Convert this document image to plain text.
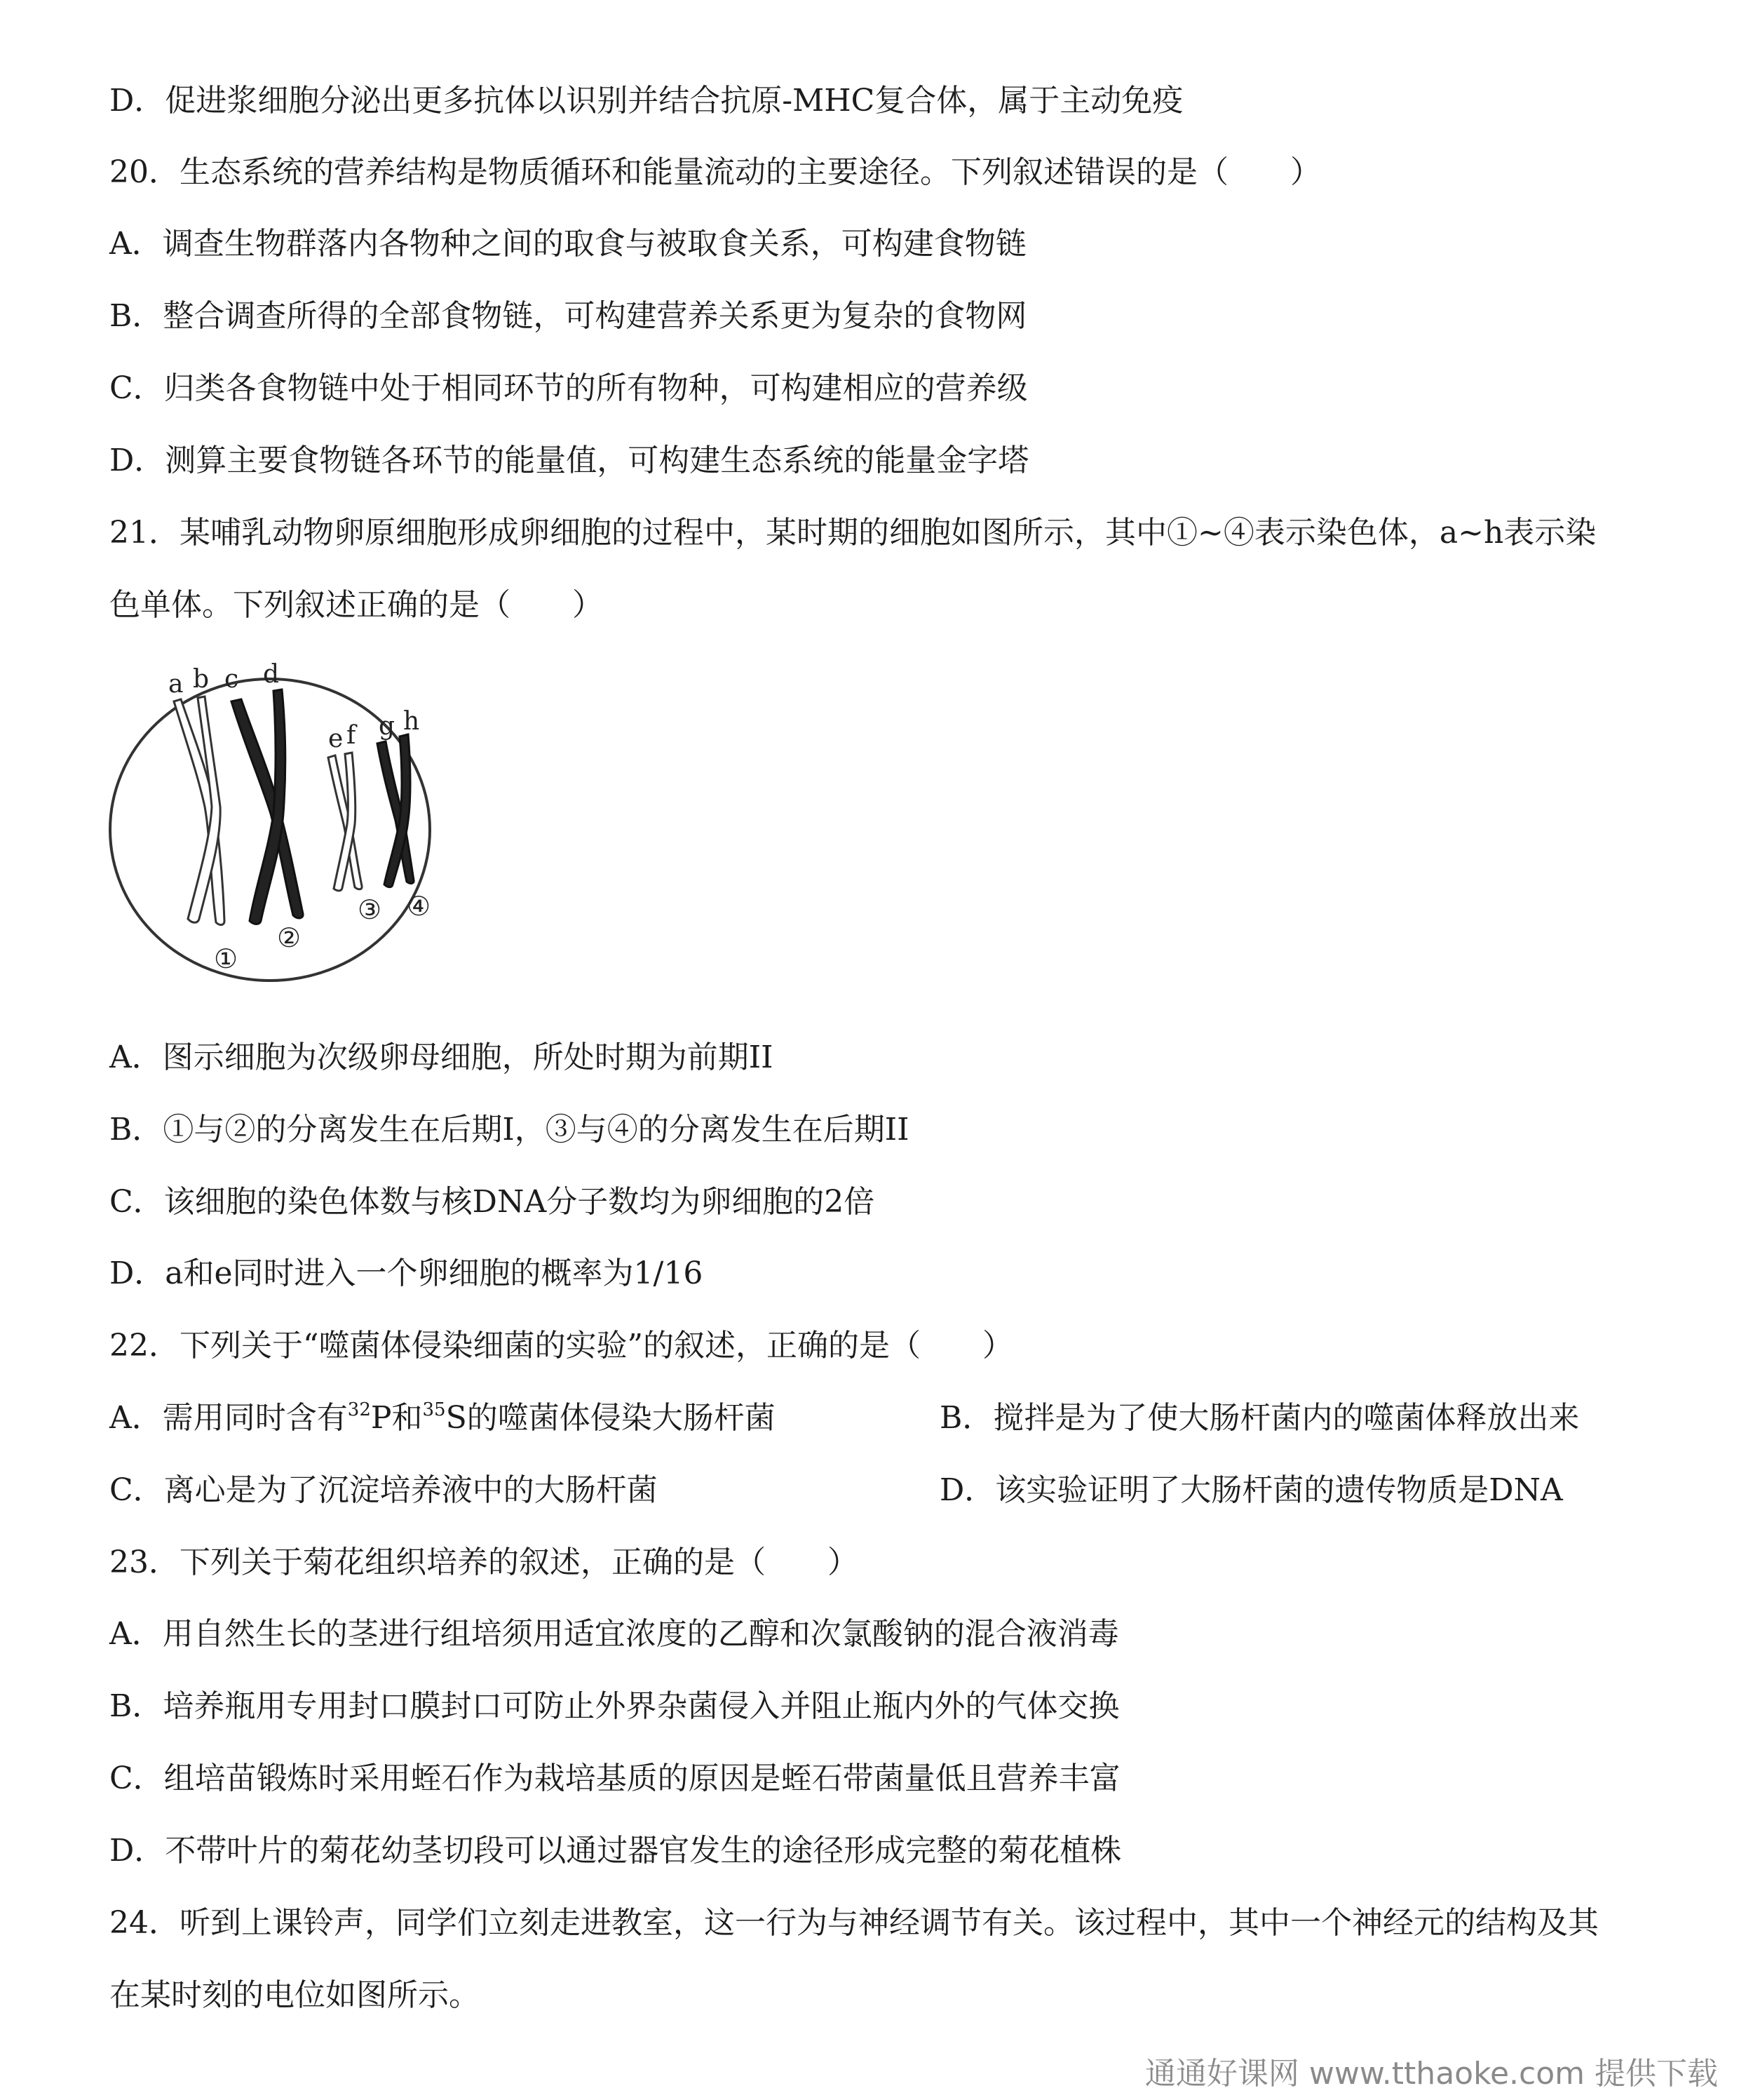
D．促进浆细胞分泌出更多抗体以识别并结合抗原-MHC复合体，属于主动免疫
20．生态系统的营养结构是物质循环和能量流动的主要途径。下列叙述错误的是（　　）
A．调查生物群落内各物种之间的取食与被取食关系，可构建食物链
B．整合调查所得的全部食物链，可构建营养关系更为复杂的食物网
C．归类各食物链中处于相同环节的所有物种，可构建相应的营养级
D．测算主要食物链各环节的能量值，可构建生态系统的能量金字塔
21．某哺乳动物卵原细胞形成卵细胞的过程中，某时期的细胞如图所示，其中①~④表示染色体，a~h表示染
色单体。下列叙述正确的是（　　）
a b c d
e f g h
①
②
③ ④
A．图示细胞为次级卵母细胞，所处时期为前期II
B．①与②的分离发生在后期I，③与④的分离发生在后期II
C．该细胞的染色体数与核DNA分子数均为卵细胞的2倍
D．a和e同时进入一个卵细胞的概率为1/16
22．下列关于“噬菌体侵染细菌的实验”的叙述，正确的是（　　）
A．需用同时含有$^{32}$P和$^{35}$S的噬菌体侵染大肠杆菌	B．搅拌是为了使大肠杆菌内的噬菌体释放出来
C．离心是为了沉淀培养液中的大肠杆菌	D．该实验证明了大肠杆菌的遗传物质是DNA
23．下列关于菊花组织培养的叙述，正确的是（　　）
A．用自然生长的茎进行组培须用适宜浓度的乙醇和次氯酸钠的混合液消毒
B．培养瓶用专用封口膜封口可防止外界杂菌侵入并阻止瓶内外的气体交换
C．组培苗锻炼时采用蛭石作为栽培基质的原因是蛭石带菌量低且营养丰富
D．不带叶片的菊花幼茎切段可以通过器官发生的途径形成完整的菊花植株
24．听到上课铃声，同学们立刻走进教室，这一行为与神经调节有关。该过程中，其中一个神经元的结构及其
在某时刻的电位如图所示。
通通好课网 www.tthaoke.com 提供下载
